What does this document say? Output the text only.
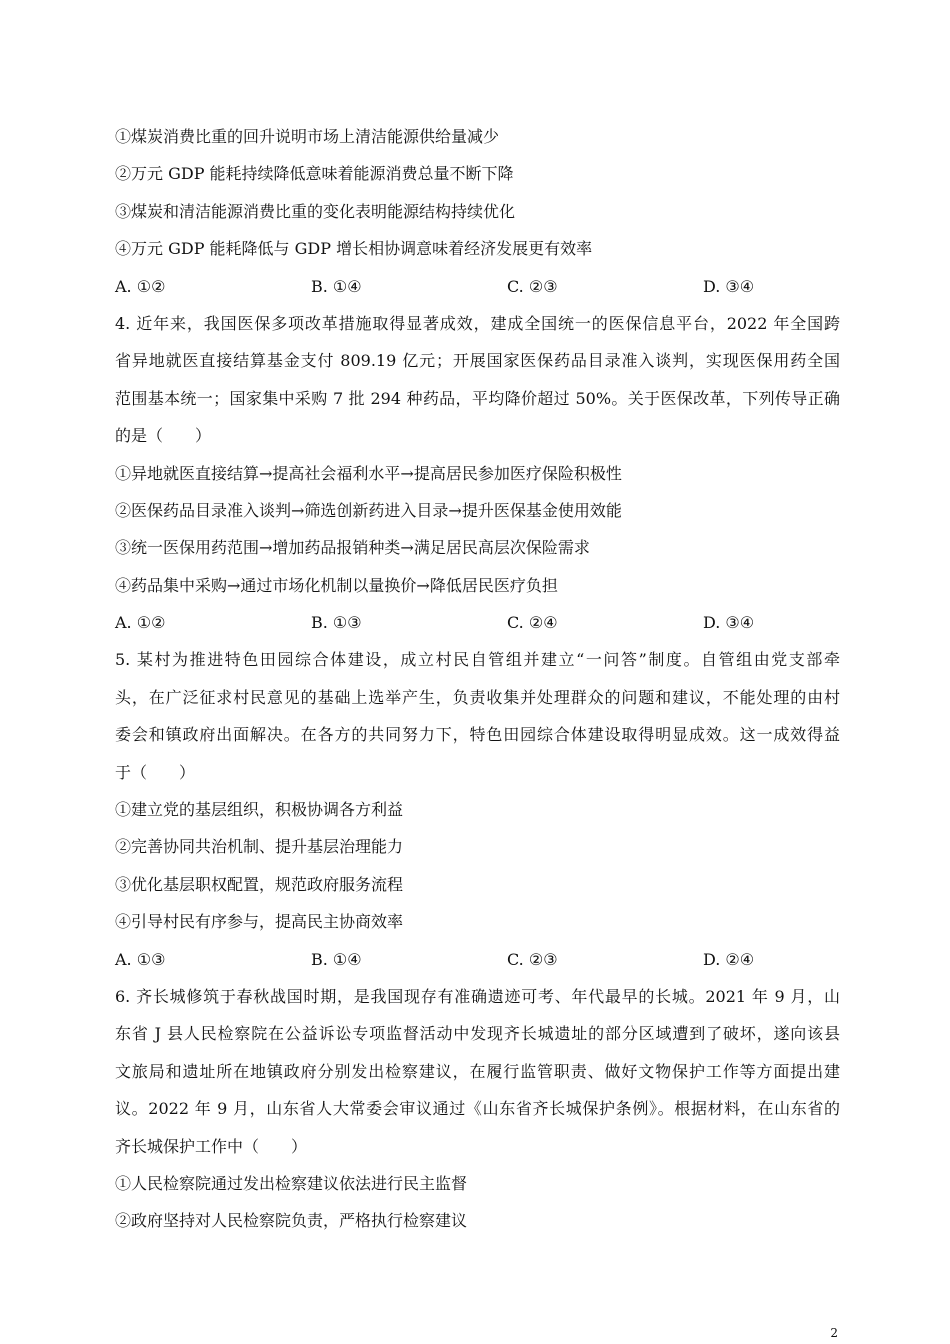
①煤炭消费比重的回升说明市场上清洁能源供给量减少
②万元 GDP 能耗持续降低意味着能源消费总量不断下降
③煤炭和清洁能源消费比重的变化表明能源结构持续优化
④万元 GDP 能耗降低与 GDP 增长相协调意味着经济发展更有效率
A. ①②	B. ①④	C. ②③	D. ③④
4. 近年来，我国医保多项改革措施取得显著成效，建成全国统一的医保信息平台，2022 年全国跨
省异地就医直接结算基金支付 809.19 亿元；开展国家医保药品目录准入谈判，实现医保用药全国
范围基本统一；国家集中采购 7 批 294 种药品，平均降价超过 50%。关于医保改革，下列传导正确
的是（　　）
①异地就医直接结算→提高社会福利水平→提高居民参加医疗保险积极性
②医保药品目录准入谈判→筛选创新药进入目录→提升医保基金使用效能
③统一医保用药范围→增加药品报销种类→满足居民高层次保险需求
④药品集中采购→通过市场化机制以量换价→降低居民医疗负担
A. ①②	B. ①③	C. ②④	D. ③④
5. 某村为推进特色田园综合体建设，成立村民自管组并建立“一问答”制度。自管组由党支部牵
头，在广泛征求村民意见的基础上选举产生，负责收集并处理群众的问题和建议，不能处理的由村
委会和镇政府出面解决。在各方的共同努力下，特色田园综合体建设取得明显成效。这一成效得益
于（　　）
①建立党的基层组织，积极协调各方利益
②完善协同共治机制、提升基层治理能力
③优化基层职权配置，规范政府服务流程
④引导村民有序参与，提高民主协商效率
A. ①③	B. ①④	C. ②③	D. ②④
6. 齐长城修筑于春秋战国时期，是我国现存有准确遗迹可考、年代最早的长城。2021 年 9 月，山
东省 J 县人民检察院在公益诉讼专项监督活动中发现齐长城遗址的部分区域遭到了破坏，遂向该县
文旅局和遗址所在地镇政府分别发出检察建议，在履行监管职责、做好文物保护工作等方面提出建
议。2022 年 9 月，山东省人大常委会审议通过《山东省齐长城保护条例》。根据材料，在山东省的
齐长城保护工作中（　　）
①人民检察院通过发出检察建议依法进行民主监督
②政府坚持对人民检察院负责，严格执行检察建议
2
